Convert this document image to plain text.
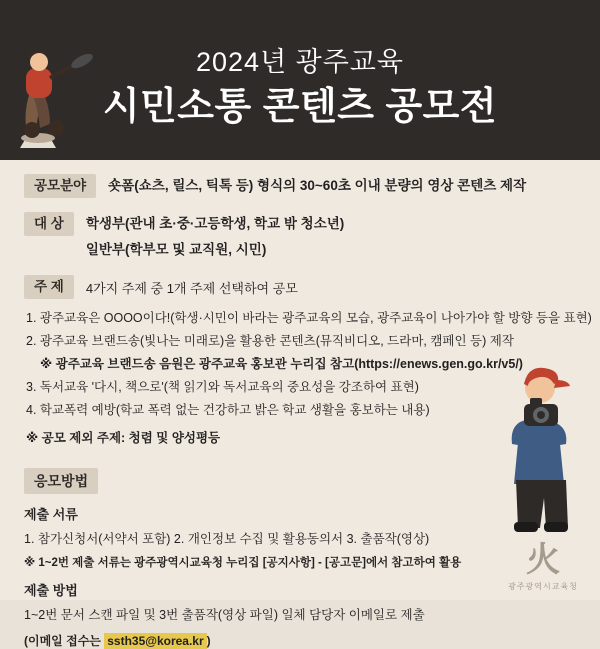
2024년 광주교육
시민소통 콘텐츠 공모전
공모분야	숏폼(쇼츠, 릴스, 틱톡 등) 형식의 30~60초 이내 분량의 영상 콘텐츠 제작
대 상	학생부(관내 초·중·고등학생, 학교 밖 청소년)
일반부(학부모 및 교직원, 시민)
주 제	4가지 주제 중 1개 주제 선택하여 공모
1. 광주교육은 OOOO이다!(학생·시민이 바라는 광주교육의 모습, 광주교육이 나아가야 할 방향 등을 표현)
2. 광주교육 브랜드송(빛나는 미래로)을 활용한 콘텐츠(뮤직비디오, 드라마, 캠페인 등) 제작
※ 광주교육 브랜드송 음원은 광주교육 홍보관 누리집 참고(https://enews.gen.go.kr/v5/)
3. 독서교육 '다시, 책으로'(책 읽기와 독서교육의 중요성을 강조하여 표현)
4. 학교폭력 예방(학교 폭력 없는 건강하고 밝은 학교 생활을 홍보하는 내용)
※ 공모 제외 주제: 청렴 및 양성평등
응모방법
제출 서류
1. 참가신청서(서약서 포함) 2. 개인정보 수집 및 활용동의서 3. 출품작(영상)
※ 1~2번 제출 서류는 광주광역시교육청 누리집 [공지사항] - [공고문]에서 참고하여 활용
제출 방법
1~2번 문서 스캔 파일 및 3번 출품작(영상 파일) 일체 담당자 이메일로 제출
(이메일 접수는 ssth35@korea.kr )
火
광주광역시교육청
